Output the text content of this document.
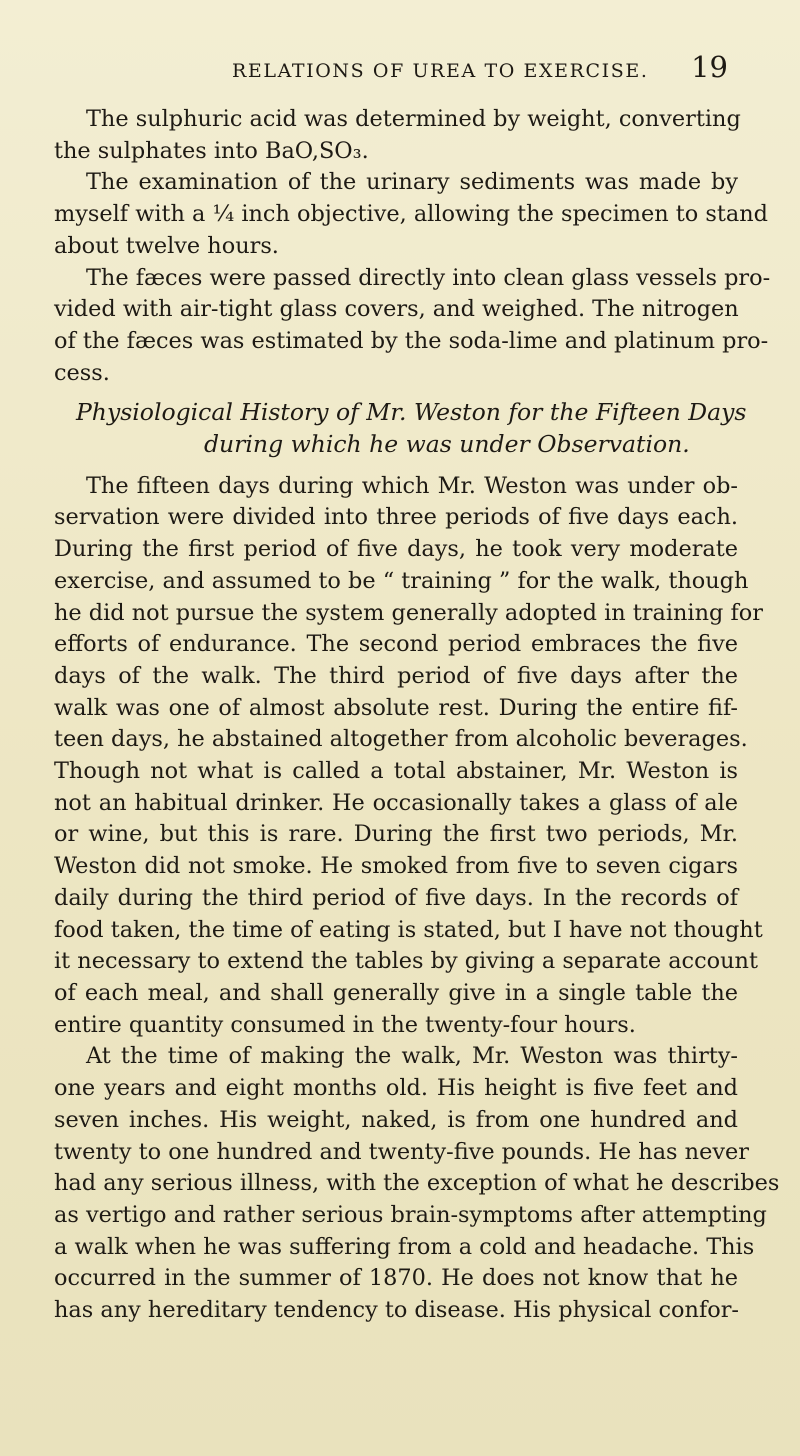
RELATIONS OF UREA TO EXERCISE. 19
The sulphuric acid was determined by weight, converting
the sulphates into BaO,SO₃.
The examination of the urinary sediments was made by
myself with a ¼ inch objective, allowing the specimen to stand
about twelve hours.
The fæces were passed directly into clean glass vessels pro-
vided with air-tight glass covers, and weighed. The nitrogen
of the fæces was estimated by the soda-lime and platinum pro-
cess.
Physiological History of Mr. Weston for the Fifteen Days
during which he was under Observation.
The fifteen days during which Mr. Weston was under ob-
servation were divided into three periods of five days each.
During the first period of five days, he took very moderate
exercise, and assumed to be “ training ” for the walk, though
he did not pursue the system generally adopted in training for
efforts of endurance. The second period embraces the five
days of the walk. The third period of five days after the
walk was one of almost absolute rest. During the entire fif-
teen days, he abstained altogether from alcoholic beverages.
Though not what is called a total abstainer, Mr. Weston is
not an habitual drinker. He occasionally takes a glass of ale
or wine, but this is rare. During the first two periods, Mr.
Weston did not smoke. He smoked from five to seven cigars
daily during the third period of five days. In the records of
food taken, the time of eating is stated, but I have not thought
it necessary to extend the tables by giving a separate account
of each meal, and shall generally give in a single table the
entire quantity consumed in the twenty-four hours.
At the time of making the walk, Mr. Weston was thirty-
one years and eight months old. His height is five feet and
seven inches. His weight, naked, is from one hundred and
twenty to one hundred and twenty-five pounds. He has never
had any serious illness, with the exception of what he describes
as vertigo and rather serious brain-symptoms after attempting
a walk when he was suffering from a cold and headache. This
occurred in the summer of 1870. He does not know that he
has any hereditary tendency to disease. His physical confor-
